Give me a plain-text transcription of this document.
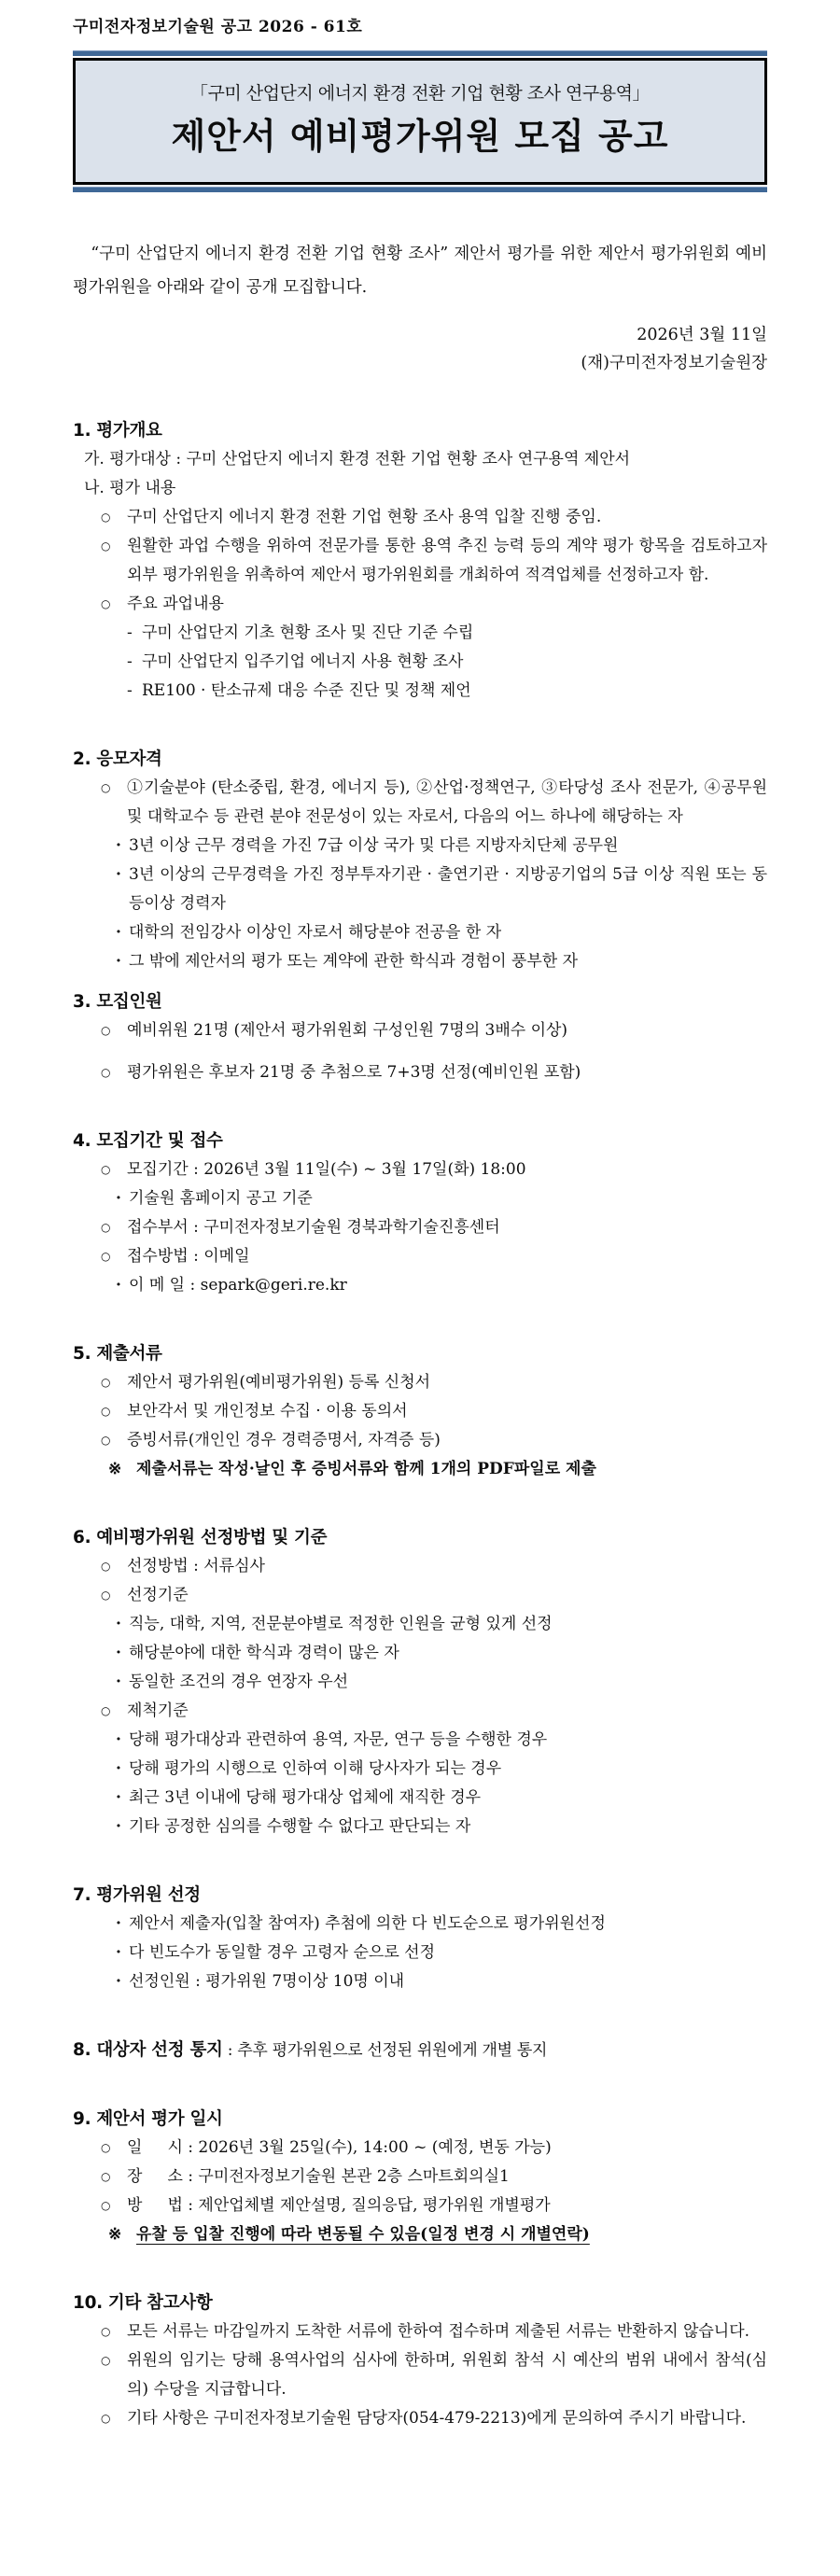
구미전자정보기술원 공고 2026 - 61호
「구미 산업단지 에너지 환경 전환 기업 현황 조사 연구용역」
제안서 예비평가위원 모집 공고

“구미 산업단지 에너지 환경 전환 기업 현황 조사” 제안서 평가를 위한 제안서 평가위원회 예비 평가위원을 아래와 같이 공개 모집합니다.

2026년 3월 11일
(재)구미전자정보기술원장
1. 평가개요
가. 평가대상 : 구미 산업단지 에너지 환경 전환 기업 현황 조사 연구용역 제안서
나. 평가 내용
○	구미 산업단지 에너지 환경 전환 기업 현황 조사 용역 입찰 진행 중임.
○	원활한 과업 수행을 위하여 전문가를 통한 용역 추진 능력 등의 계약 평가 항목을 검토하고자 외부 평가위원을 위촉하여 제안서 평가위원회를 개최하여 적격업체를 선정하고자 함.
○	주요 과업내용
- 구미 산업단지 기초 현황 조사 및 진단 기준 수립
- 구미 산업단지 입주기업 에너지 사용 현황 조사
- RE100 · 탄소규제 대응 수준 진단 및 정책 제언
2. 응모자격
○	①기술분야 (탄소중립, 환경, 에너지 등), ②산업·정책연구, ③타당성 조사 전문가, ④공무원 및 대학교수 등 관련 분야 전문성이 있는 자로서, 다음의 어느 하나에 해당하는 자
· 3년 이상 근무 경력을 가진 7급 이상 국가 및 다른 지방자치단체 공무원
· 3년 이상의 근무경력을 가진 정부투자기관 · 출연기관 · 지방공기업의 5급 이상 직원 또는 동등이상 경력자
· 대학의 전임강사 이상인 자로서 해당분야 전공을 한 자
· 그 밖에 제안서의 평가 또는 계약에 관한 학식과 경험이 풍부한 자
3. 모집인원
○	예비위원 21명 (제안서 평가위원회 구성인원 7명의 3배수 이상)
○	평가위원은 후보자 21명 중 추첨으로 7+3명 선정(예비인원 포함)
4. 모집기간 및 접수
○	모집기간 : 2026년 3월 11일(수) ~ 3월 17일(화) 18:00
· 기술원 홈페이지 공고 기준
○	접수부서 : 구미전자정보기술원 경북과학기술진흥센터
○	접수방법 : 이메일
· 이 메 일 : separk@geri.re.kr
5. 제출서류
○	제안서 평가위원(예비평가위원) 등록 신청서
○	보안각서 및 개인정보 수집 · 이용 동의서
○	증빙서류(개인인 경우 경력증명서, 자격증 등)
※ 제출서류는 작성·날인 후 증빙서류와 함께 1개의 PDF파일로 제출
6. 예비평가위원 선정방법 및 기준
○	선정방법 : 서류심사
○	선정기준
· 직능, 대학, 지역, 전문분야별로 적정한 인원을 균형 있게 선정
· 해당분야에 대한 학식과 경력이 많은 자
· 동일한 조건의 경우 연장자 우선
○	제척기준
· 당해 평가대상과 관련하여 용역, 자문, 연구 등을 수행한 경우
· 당해 평가의 시행으로 인하여 이해 당사자가 되는 경우
· 최근 3년 이내에 당해 평가대상 업체에 재직한 경우
· 기타 공정한 심의를 수행할 수 없다고 판단되는 자
7. 평가위원 선정
· 제안서 제출자(입찰 참여자) 추첨에 의한 다 빈도순으로 평가위원선정
· 다 빈도수가 동일할 경우 고령자 순으로 선정
· 선정인원 : 평가위원 7명이상 10명 이내
8. 대상자 선정 통지 : 추후 평가위원으로 선정된 위원에게 개별 통지
9. 제안서 평가 일시
○	일     시 : 2026년 3월 25일(수), 14:00 ~ (예정, 변동 가능)
○	장     소 : 구미전자정보기술원 본관 2층 스마트회의실1
○	방     법 : 제안업체별 제안설명, 질의응답, 평가위원 개별평가
※ 유찰 등 입찰 진행에 따라 변동될 수 있음(일정 변경 시 개별연락)
10. 기타 참고사항
○	모든 서류는 마감일까지 도착한 서류에 한하여 접수하며 제출된 서류는 반환하지 않습니다.
○	위원의 임기는 당해 용역사업의 심사에 한하며, 위원회 참석 시 예산의 범위 내에서 참석(심의) 수당을 지급합니다.
○	기타 사항은 구미전자정보기술원 담당자(054-479-2213)에게 문의하여 주시기 바랍니다.
